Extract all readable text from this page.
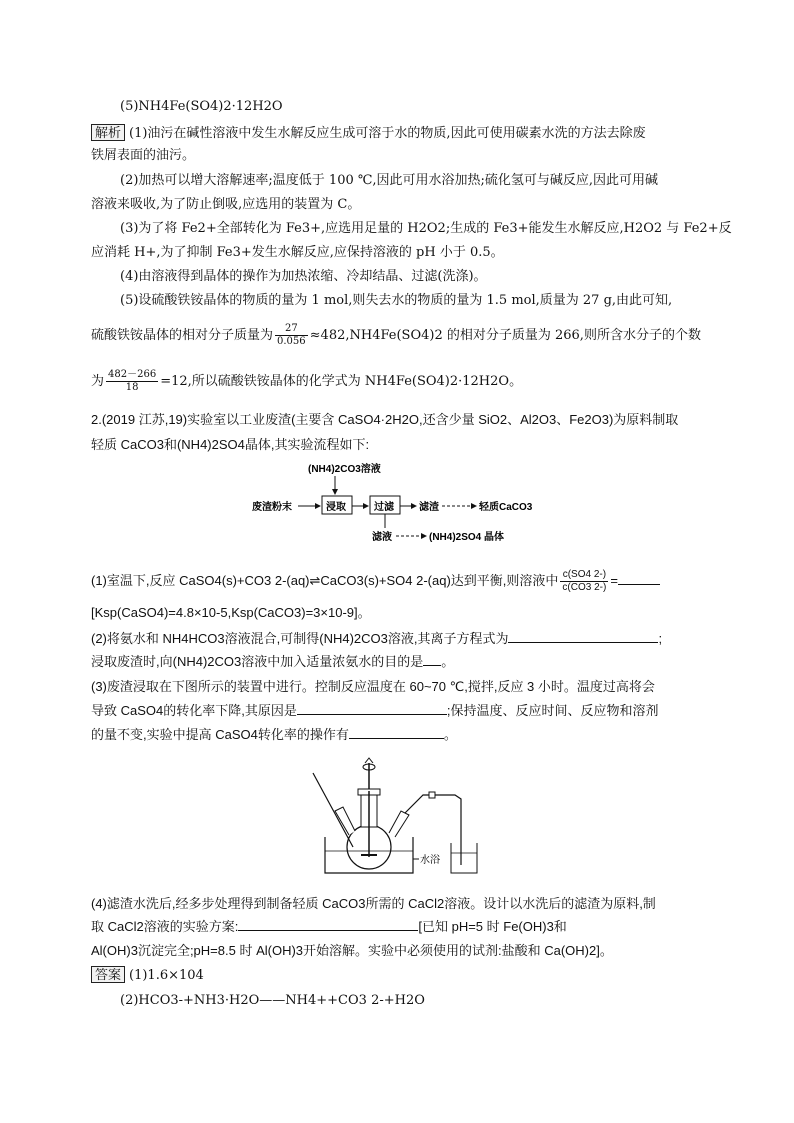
(5)NH4Fe(SO4)2·12H2O
解析 (1)油污在碱性溶液中发生水解反应生成可溶于水的物质,因此可使用碳素水洗的方法去除废
铁屑表面的油污。
(2)加热可以增大溶解速率;温度低于 100 ℃,因此可用水浴加热;硫化氢可与碱反应,因此可用碱
溶液来吸收,为了防止倒吸,应选用的装置为 C。
(3)为了将 Fe2+全部转化为 Fe3+,应选用足量的 H2O2;生成的 Fe3+能发生水解反应,H2O2 与 Fe2+反
应消耗 H+,为了抑制 Fe3+发生水解反应,应保持溶液的 pH 小于 0.5。
(4)由溶液得到晶体的操作为加热浓缩、冷却结晶、过滤(洗涤)。
(5)设硫酸铁铵晶体的物质的量为 1 mol,则失去水的物质的量为 1.5 mol,质量为 27 g,由此可知,
硫酸铁铵晶体的相对分子质量为 $\frac{27}{0.056} \approx 482,NH4Fe(SO4)2$ 的相对分子质量为 266,则所含水分子的个数
为 $\frac{482-266}{18} =12$,所以硫酸铁铵晶体的化学式为 NH4Fe(SO4)2·12H2O。
2.(2019 江苏,19)实验室以工业废渣(主要含 CaSO4·2H2O,还含少量 SiO2、Al2O3、Fe2O3)为原料制取
轻质 CaCO3和(NH4)2SO4晶体,其实验流程如下:
(NH4)2CO3溶液
废渣粉末	浸取	过滤	滤渣	轻质CaCO3
滤液	(NH4)2SO4 晶体
(1)室温下,反应 CaSO4(s)+CO3 2-(aq)⇌CaCO3(s)+SO4 2-(aq)达到平衡,则溶液中 $\frac{c(SO4 2-)}{c(CO3 2-)}$ =
[Ksp(CaSO4)=4.8×10-5,Ksp(CaCO3)=3×10-9]。
(2)将氨水和 NH4HCO3溶液混合,可制得(NH4)2CO3溶液,其离子方程式为	;
浸取废渣时,向(NH4)2CO3溶液中加入适量浓氨水的目的是 。
(3)废渣浸取在下图所示的装置中进行。控制反应温度在 60~70 ℃,搅拌,反应 3 小时。温度过高将会
导致 CaSO4的转化率下降,其原因是	;保持温度、反应时间、反应物和溶剂
的量不变,实验中提高 CaSO4转化率的操作有	。
水浴
(4)滤渣水洗后,经多步处理得到制备轻质 CaCO3所需的 CaCl2溶液。设计以水洗后的滤渣为原料,制
取 CaCl2溶液的实验方案:	[已知 pH=5 时 Fe(OH)3和
Al(OH)3沉淀完全;pH=8.5 时 Al(OH)3开始溶解。实验中必须使用的试剂:盐酸和 Ca(OH)2]。
答案 (1)1.6×104
(2)HCO3-+NH3·H2O——NH4++CO3 2-+H2O
